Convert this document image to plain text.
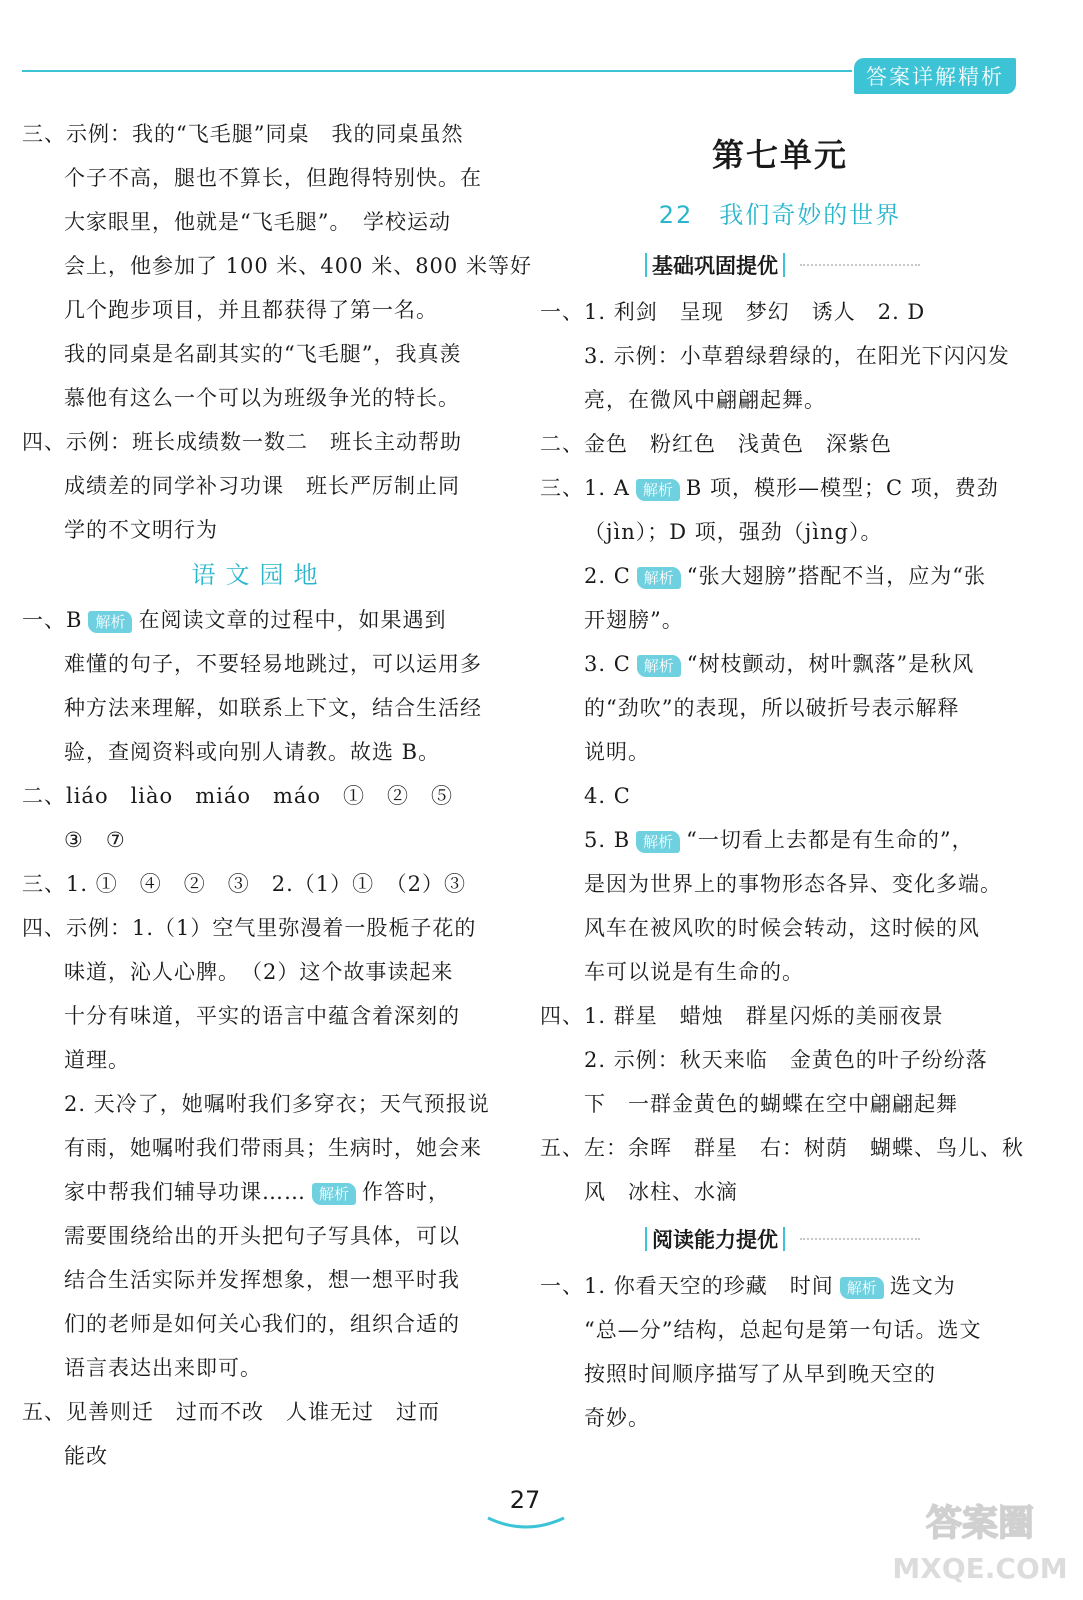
答案详解精析
三、示例：我的“飞毛腿”同桌　我的同桌虽然
个子不高，腿也不算长，但跑得特别快。在
大家眼里，他就是“飞毛腿”。　学校运动
会上，他参加了 100 米、400 米、800 米等好
几个跑步项目，并且都获得了第一名。
我的同桌是名副其实的“飞毛腿”，我真羡
慕他有这么一个可以为班级争光的特长。
四、示例：班长成绩数一数二　班长主动帮助
成绩差的同学补习功课　班长严厉制止同
学的不文明行为
语文园地
一、B 解析 在阅读文章的过程中，如果遇到
难懂的句子，不要轻易地跳过，可以运用多
种方法来理解，如联系上下文，结合生活经
验，查阅资料或向别人请教。故选 B。
二、liáo　liào　miáo　máo　①　②　⑤
③　⑦
三、1. ①　④　②　③　2.（1）①　（2）③
四、示例：1.（1）空气里弥漫着一股栀子花的
味道，沁人心脾。　（2）这个故事读起来
十分有味道，平实的语言中蕴含着深刻的
道理。
2. 天冷了，她嘱咐我们多穿衣；天气预报说
有雨，她嘱咐我们带雨具；生病时，她会来
家中帮我们辅导功课…… 解析 作答时，
需要围绕给出的开头把句子写具体，可以
结合生活实际并发挥想象，想一想平时我
们的老师是如何关心我们的，组织合适的
语言表达出来即可。
五、见善则迁　过而不改　人谁无过　过而
能改
第七单元
22　我们奇妙的世界
基础巩固提优
一、1. 利剑　呈现　梦幻　诱人　2. D
3. 示例：小草碧绿碧绿的，在阳光下闪闪发
亮，在微风中翩翩起舞。
二、金色　粉红色　浅黄色　深紫色
三、1. A 解析 B 项，模形—模型；C 项，费劲
（jìn）；D 项，强劲（jìng）。
2. C 解析 “张大翅膀”搭配不当，应为“张
开翅膀”。
3. C 解析 “树枝颤动，树叶飘落”是秋风
的“劲吹”的表现，所以破折号表示解释
说明。
4. C
5. B 解析 “一切看上去都是有生命的”，
是因为世界上的事物形态各异、变化多端。
风车在被风吹的时候会转动，这时候的风
车可以说是有生命的。
四、1. 群星　蜡烛　群星闪烁的美丽夜景
2. 示例：秋天来临　金黄色的叶子纷纷落
下　一群金黄色的蝴蝶在空中翩翩起舞
五、左：余晖　群星　右：树荫　蝴蝶、鸟儿、秋
风　冰柱、水滴
阅读能力提优
一、1. 你看天空的珍藏　时间 解析 选文为
“总—分”结构，总起句是第一句话。选文
按照时间顺序描写了从早到晚天空的
奇妙。
27
答案圈
MXQE.COM
